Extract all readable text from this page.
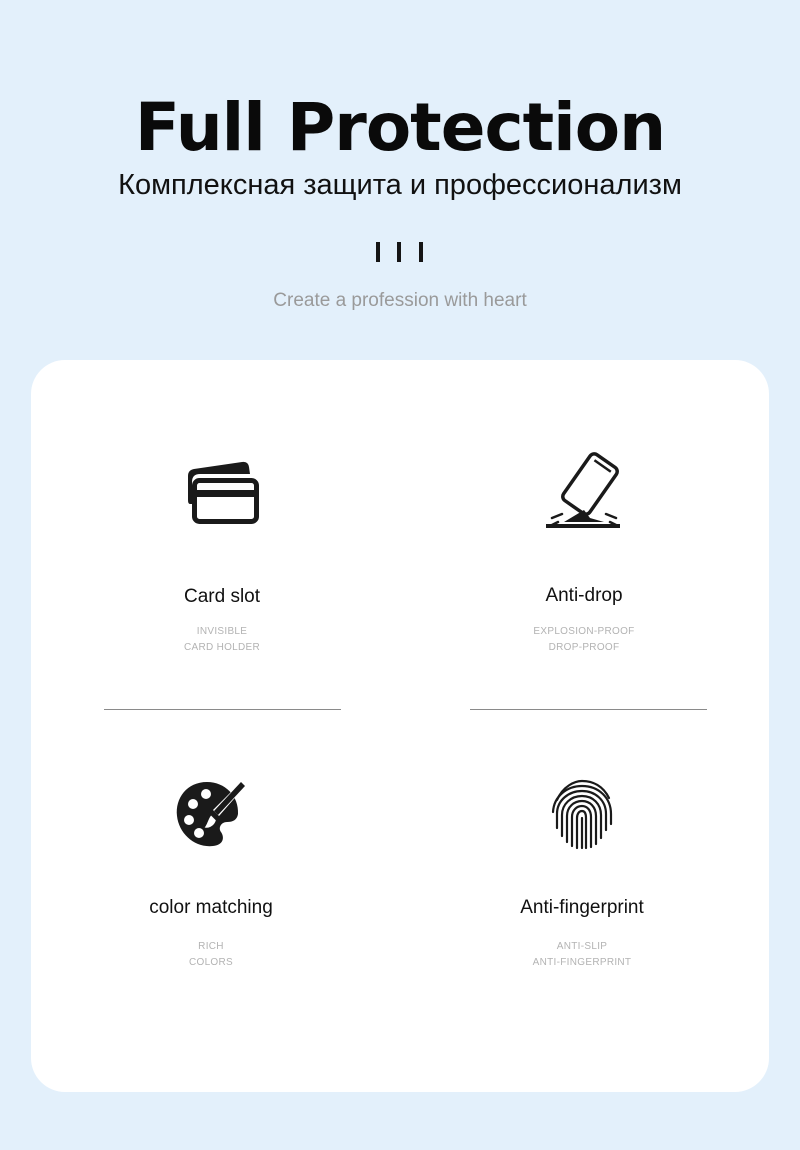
Full Protection
Комплексная защита и профессионализм
Create a profession with heart
Card slot
INVISIBLE
CARD HOLDER
Anti-drop
EXPLOSION-PROOF
DROP-PROOF
color matching
RICH
COLORS
Anti-fingerprint
ANTI-SLIP
ANTI-FINGERPRINT
